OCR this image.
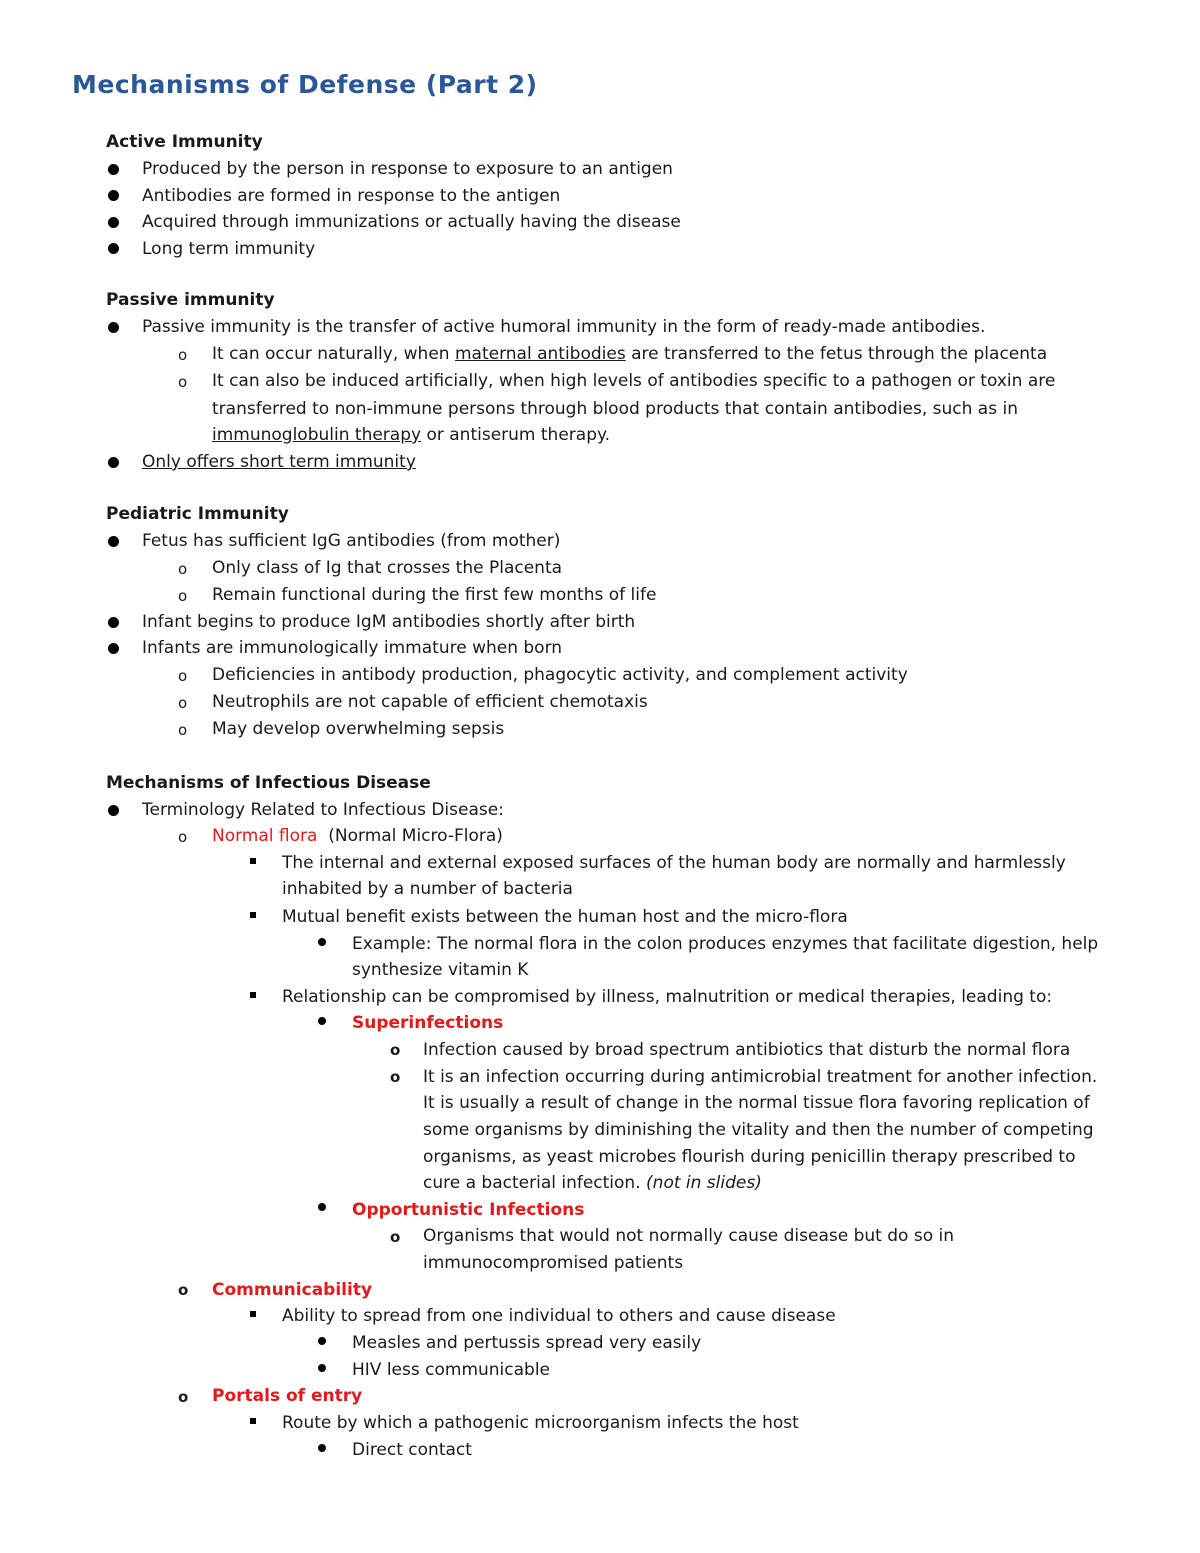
Mechanisms of Defense (Part 2)
Active Immunity
Produced by the person in response to exposure to an antigen
Antibodies are formed in response to the antigen
Acquired through immunizations or actually having the disease
Long term immunity
Passive immunity
Passive immunity is the transfer of active humoral immunity in the form of ready-made antibodies.
o It can occur naturally, when maternal antibodies are transferred to the fetus through the placenta
o It can also be induced artificially, when high levels of antibodies specific to a pathogen or toxin are
transferred to non-immune persons through blood products that contain antibodies, such as in
immunoglobulin therapy or antiserum therapy.
Only offers short term immunity
Pediatric Immunity
Fetus has sufficient IgG antibodies (from mother)
o Only class of Ig that crosses the Placenta
o Remain functional during the first few months of life
Infant begins to produce IgM antibodies shortly after birth
Infants are immunologically immature when born
o Deficiencies in antibody production, phagocytic activity, and complement activity
o Neutrophils are not capable of efficient chemotaxis
o May develop overwhelming sepsis
Mechanisms of Infectious Disease
Terminology Related to Infectious Disease:
o Normal flora (Normal Micro-Flora)
The internal and external exposed surfaces of the human body are normally and harmlessly
inhabited by a number of bacteria
Mutual benefit exists between the human host and the micro-flora
Example: The normal flora in the colon produces enzymes that facilitate digestion, help
synthesize vitamin K
Relationship can be compromised by illness, malnutrition or medical therapies, leading to:
Superinfections
o Infection caused by broad spectrum antibiotics that disturb the normal flora
o It is an infection occurring during antimicrobial treatment for another infection.
It is usually a result of change in the normal tissue flora favoring replication of
some organisms by diminishing the vitality and then the number of competing
organisms, as yeast microbes flourish during penicillin therapy prescribed to
cure a bacterial infection. (not in slides)
Opportunistic Infections
o Organisms that would not normally cause disease but do so in
immunocompromised patients
o Communicability
Ability to spread from one individual to others and cause disease
Measles and pertussis spread very easily
HIV less communicable
o Portals of entry
Route by which a pathogenic microorganism infects the host
Direct contact
